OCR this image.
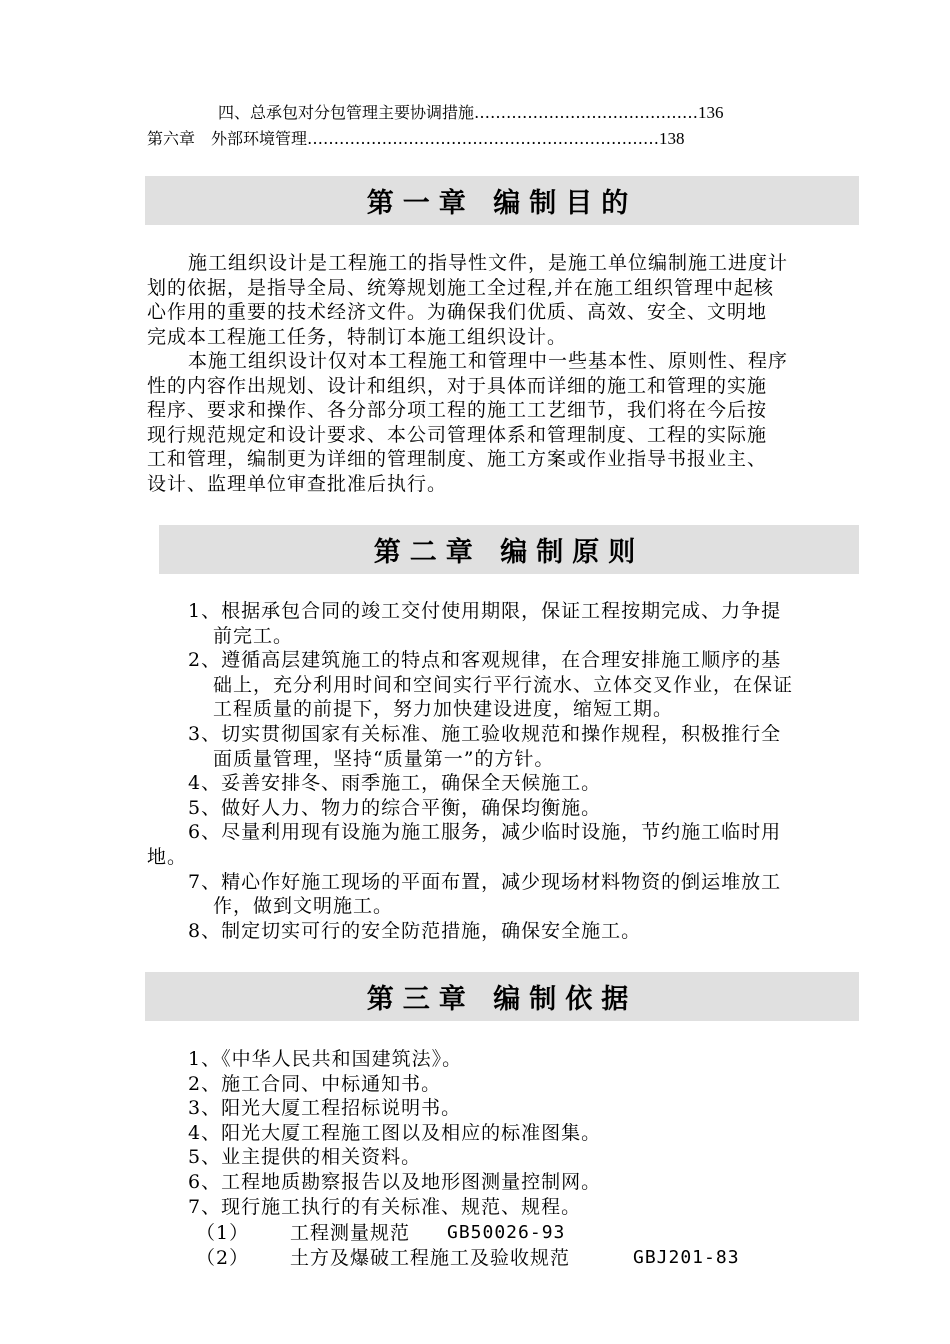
四、总承包对分包管理主要协调措施……………………………………136
第六章　外部环境管理…………………………………………………………138
第一章 编制目的
施工组织设计是工程施工的指导性文件，是施工单位编制施工进度计
划的依据，是指导全局、统筹规划施工全过程,并在施工组织管理中起核
心作用的重要的技术经济文件。为确保我们优质、高效、安全、文明地
完成本工程施工任务，特制订本施工组织设计。
本施工组织设计仅对本工程施工和管理中一些基本性、原则性、程序
性的内容作出规划、设计和组织，对于具体而详细的施工和管理的实施
程序、要求和操作、各分部分项工程的施工工艺细节，我们将在今后按
现行规范规定和设计要求、本公司管理体系和管理制度、工程的实际施
工和管理，编制更为详细的管理制度、施工方案或作业指导书报业主、
设计、监理单位审查批准后执行。
第二章 编制原则
1、根据承包合同的竣工交付使用期限，保证工程按期完成、力争提
前完工。
2、遵循高层建筑施工的特点和客观规律，在合理安排施工顺序的基
础上，充分利用时间和空间实行平行流水、立体交叉作业，在保证
工程质量的前提下，努力加快建设进度，缩短工期。
3、切实贯彻国家有关标准、施工验收规范和操作规程，积极推行全
面质量管理，坚持“质量第一”的方针。
4、妥善安排冬、雨季施工，确保全天候施工。
5、做好人力、物力的综合平衡，确保均衡施。
6、尽量利用现有设施为施工服务，减少临时设施，节约施工临时用
地。
7、精心作好施工现场的平面布置，减少现场材料物资的倒运堆放工
作，做到文明施工。
8、制定切实可行的安全防范措施，确保安全施工。
第三章 编制依据
1、《中华人民共和国建筑法》。
2、施工合同、中标通知书。
3、阳光大厦工程招标说明书。
4、阳光大厦工程施工图以及相应的标准图集。
5、业主提供的相关资料。
6、工程地质勘察报告以及地形图测量控制网。
7、现行施工执行的有关标准、规范、规程。
（1） 工程测量规范 GB50026-93
（2） 土方及爆破工程施工及验收规范	GBJ201-83
